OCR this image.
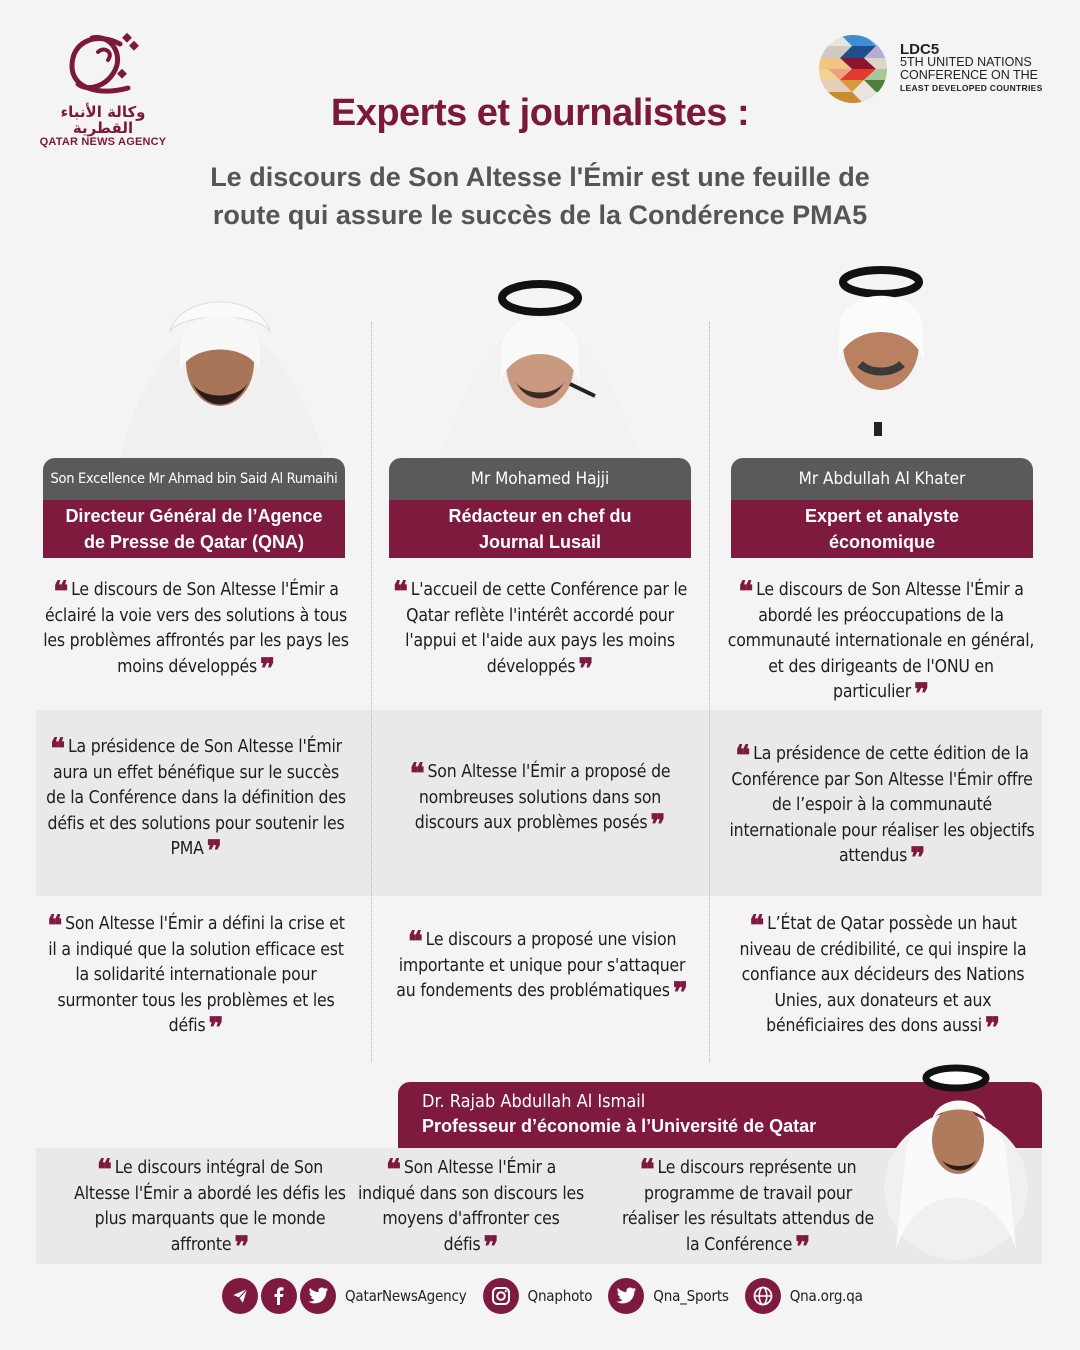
وكالة الأنباء القطرية
QATAR NEWS AGENCY
LDC5
5TH UNITED NATIONS
CONFERENCE ON THE
LEAST DEVELOPED COUNTRIES
Experts et journalistes :
Le discours de Son Altesse l'Émir est une feuille de
route qui assure le succès de la Condérence PMA5
Son Excellence Mr Ahmad bin Said Al Rumaihi
Directeur Général de l’Agence
de Presse de Qatar (QNA)
Mr Mohamed Hajji
Rédacteur en chef du
Journal Lusail
Mr Abdullah Al Khater
Expert et analyste
économique
❝ Le discours de Son Altesse l'Émir a éclairé la voie vers des solutions à tous les problèmes affrontés par les pays les moins développés ❞
❝ L'accueil de cette Conférence par le Qatar reflète l'intérêt accordé pour l'appui et l'aide aux pays les moins développés ❞
❝ Le discours de Son Altesse l'Émir a abordé les préoccupations de la communauté internationale en général, et des dirigeants de l'ONU en particulier ❞
❝ La présidence de Son Altesse l'Émir aura un effet bénéfique sur le succès de la Conférence dans la définition des défis et des solutions pour soutenir les PMA ❞
❝ Son Altesse l'Émir a proposé de nombreuses solutions dans son discours aux problèmes posés ❞
❝ La présidence de cette édition de la Conférence par Son Altesse l'Émir offre de l’espoir à la communauté internationale pour réaliser les objectifs attendus ❞
❝ Son Altesse l'Émir a défini la crise et il a indiqué que la solution efficace est la solidarité internationale pour surmonter tous les problèmes et les défis ❞
❝ Le discours a proposé une vision importante et unique pour s'attaquer au fondements des problématiques ❞
❝ L’État de Qatar possède un haut niveau de crédibilité, ce qui inspire la confiance aux décideurs des Nations Unies, aux donateurs et aux bénéficiaires des dons aussi ❞
Dr. Rajab Abdullah Al Ismail
Professeur d’économie à l’Université de Qatar
❝ Le discours intégral de Son Altesse l'Émir a abordé les défis les plus marquants que le monde affronte ❞
❝ Son Altesse l'Émir a indiqué dans son discours les moyens d'affronter ces défis ❞
❝ Le discours représente un programme de travail pour réaliser les résultats attendus de la Conférence ❞
QatarNewsAgency	Qnaphoto	Qna_Sports	Qna.org.qa
